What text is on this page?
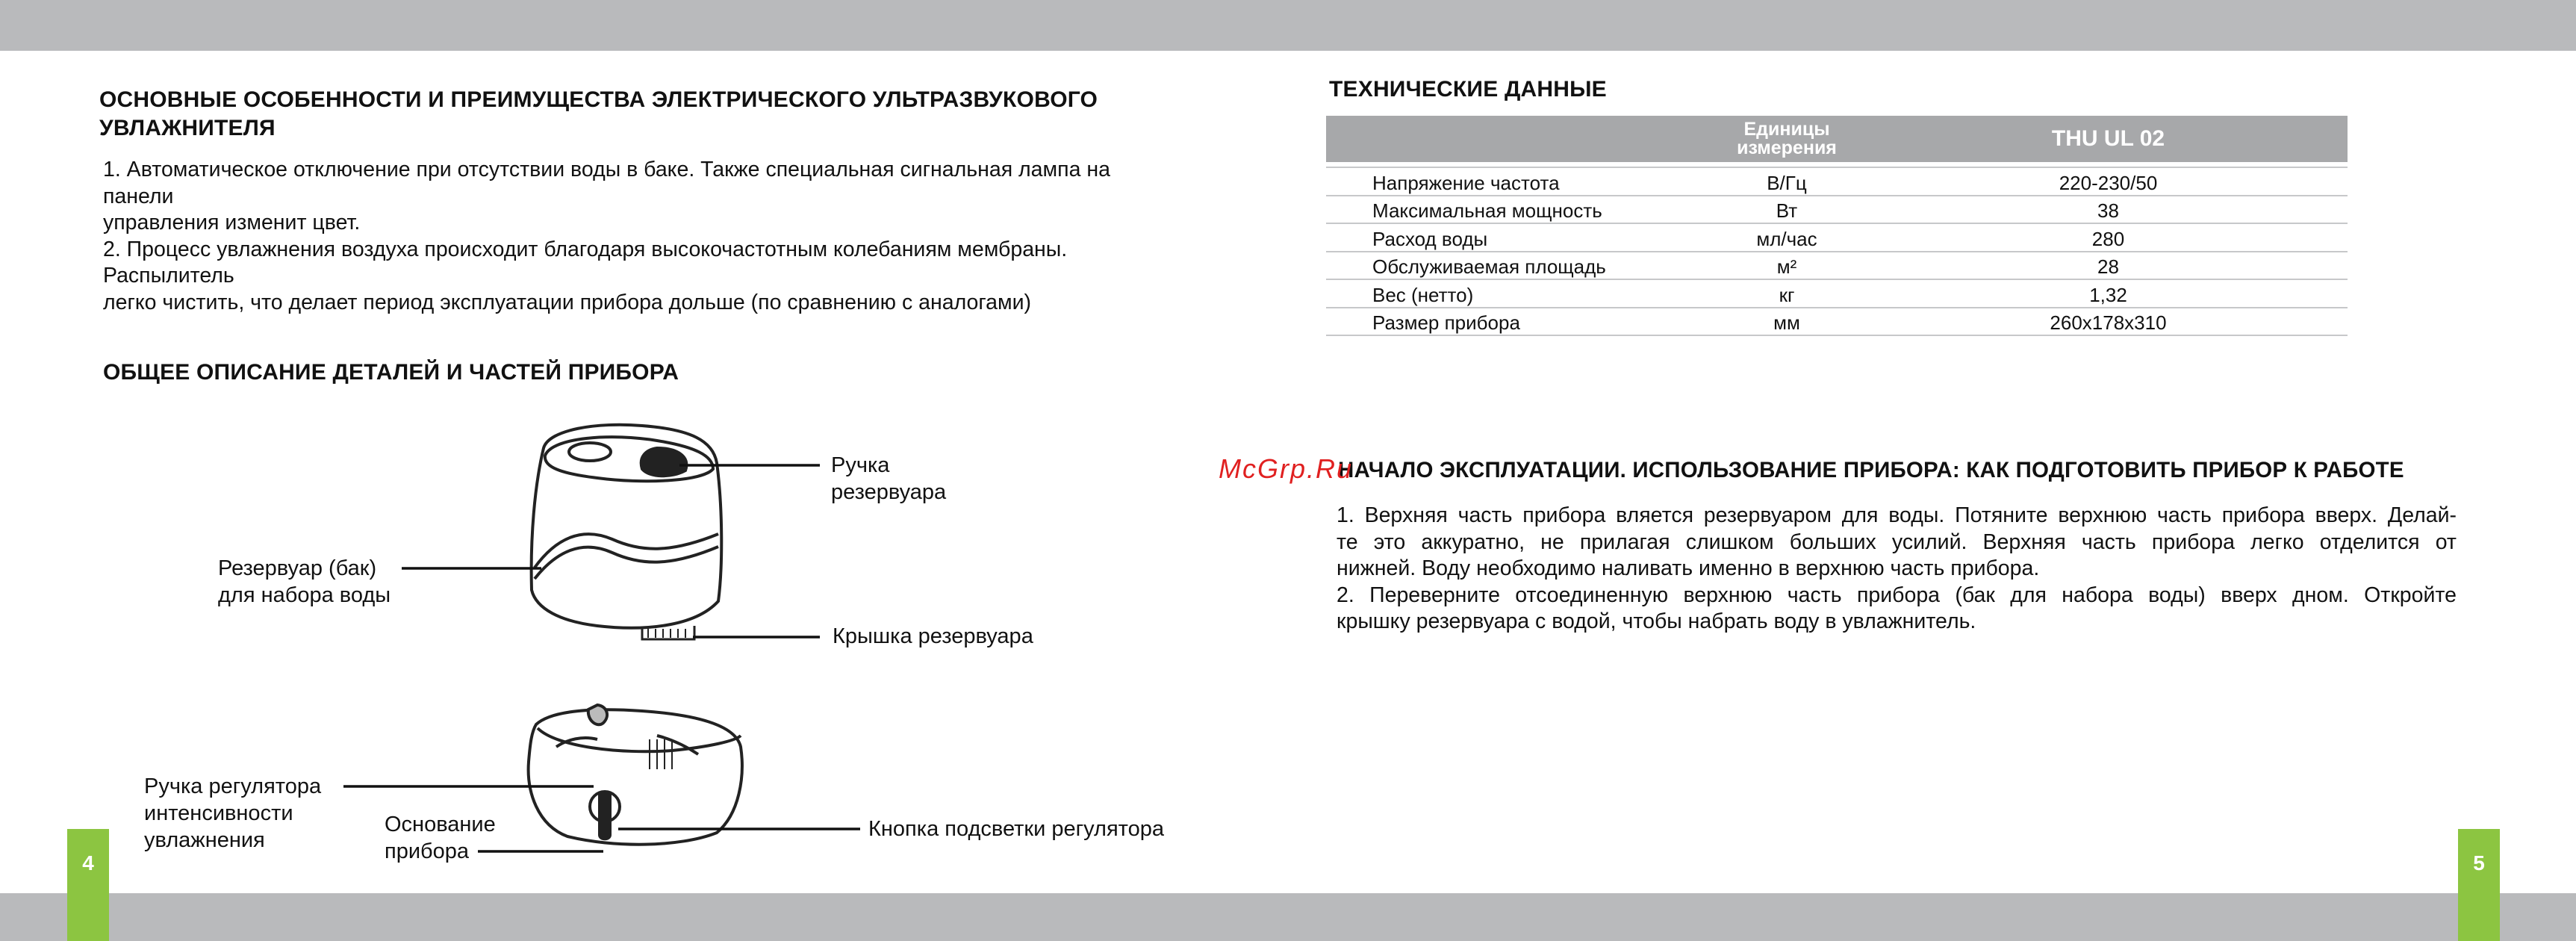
ОСНОВНЫЕ ОСОБЕННОСТИ И ПРЕИМУЩЕСТВА ЭЛЕКТРИЧЕСКОГО УЛЬТРАЗВУКОВОГО УВЛАЖНИТЕЛЯ
1. Автоматическое отключение при отсутствии воды в баке. Также специальная сигнальная лампа на
панели
управления изменит цвет.
2. Процесс увлажнения воздуха происходит благодаря высокочастотным колебаниям мембраны.
Распылитель
легко чистить, что делает период эксплуатации прибора дольше (по сравнению с аналогами)
ОБЩЕЕ ОПИСАНИЕ ДЕТАЛЕЙ И ЧАСТЕЙ ПРИБОРА
Ручка
резервуара
Резервуар (бак)
для набора воды
Крышка резервуара
Ручка регулятора
интенсивности
увлажнения
Основание
прибора
Кнопка подсветки регулятора
4
ТЕХНИЧЕСКИЕ ДАННЫЕ
	Единицы измерения	THU UL 02

Напряжение частота	В/Гц	220-230/50
Максимальная мощность	Вт	38
Расход воды	мл/час	280
Обслуживаемая площадь	м²	28
Вес (нетто)	кг	1,32
Размер прибора	мм	260x178x310
НАЧАЛО ЭКСПЛУАТАЦИИ. ИСПОЛЬЗОВАНИЕ ПРИБОРА: КАК ПОДГОТОВИТЬ ПРИБОР К РАБОТЕ
1. Верхняя часть прибора вляется резервуаром для воды. Потяните верхнюю часть прибора вверх. Делай-
те это аккуратно, не прилагая слишком больших усилий. Верхняя часть прибора легко отделится от
нижней. Воду необходимо наливать именно в верхнюю часть прибора.
2. Переверните отсоединенную верхнюю часть прибора (бак для набора воды) вверх дном. Откройте
крышку резервуара с водой, чтобы набрать воду в увлажнитель.
McGrp.Ru
5
